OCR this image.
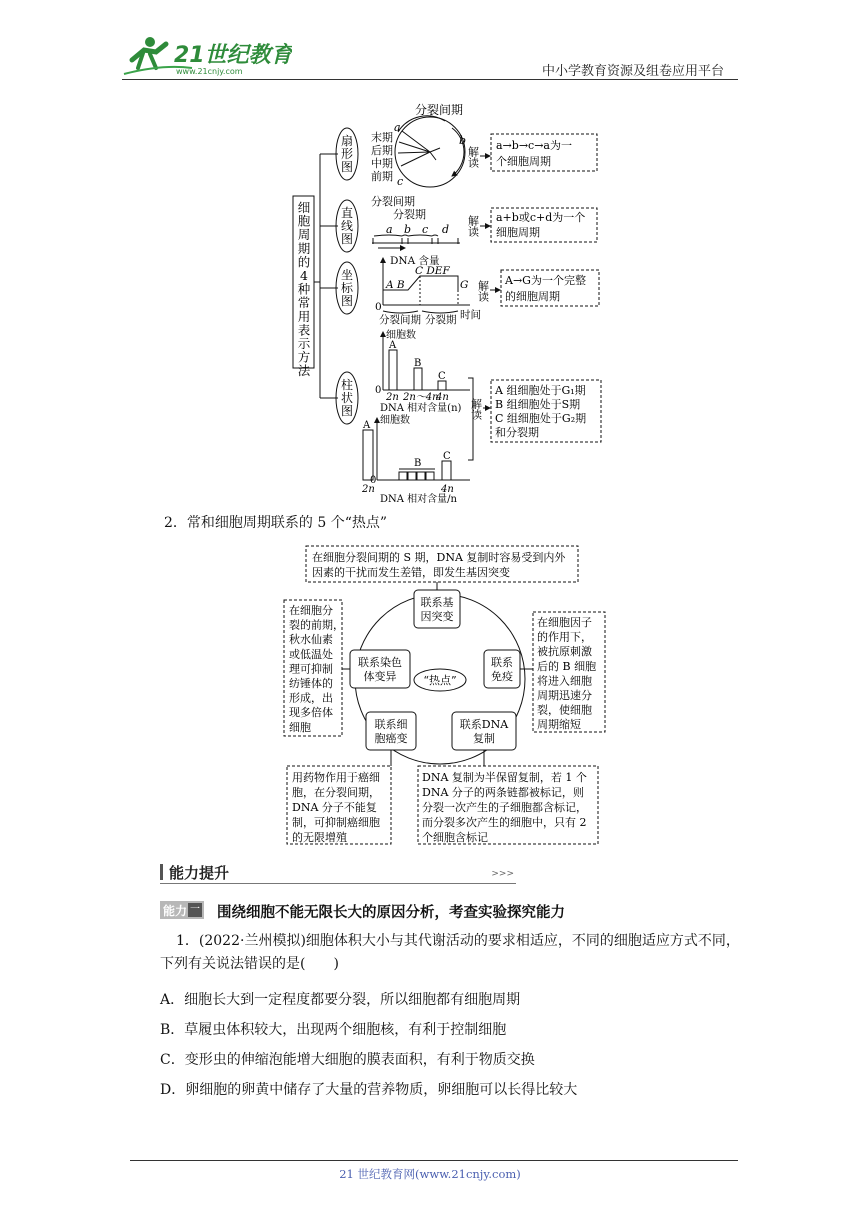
21世纪教育
www.21cnjy.com	中小学教育资源及组卷应用平台
细
胞
周
期
的
4
种
常
用
表
示
方
法
扇
形
图
直
线
图
坐
标
图
柱
状
图
分裂间期
末期
后期
中期
前期
a
b
c
解读
a→b→c→a为一
个细胞周期
分裂间期
分裂期
a b c d 解读 a+b或c+d为一个
细胞周期
DNA 含量
A B
C DEF
G
0
分裂间期 分裂期 时间
解读 A→G为一个完整
的细胞周期
细胞数
A
B
C
0
2n 2n～4n
4n
DNA 相对含量(n)
细胞数
A
B
C
0
2n	4n
DNA 相对含量/n
解读
A 组细胞处于G₁期
B 组细胞处于S期
C 组细胞处于G₂期
和分裂期
2．常和细胞周期联系的 5 个“热点”
“热点”
联系基
因突变
联系
免疫
联系DNA
复制
联系细
胞癌变
联系染色
体变异
在细胞分裂间期的 S 期，DNA 复制时容易受到内外
因素的干扰而发生差错，即发生基因突变
在细胞分
裂的前期，
秋水仙素
或低温处
理可抑制
纺锤体的
形成，出
现多倍体
细胞
在细胞因子
的作用下，
被抗原刺激
后的 B 细胞
将进入细胞
周期迅速分
裂，使细胞
周期缩短
用药物作用于癌细
胞，在分裂间期，
DNA 分子不能复
制，可抑制癌细胞
的无限增殖
DNA 复制为半保留复制，若 1 个
DNA 分子的两条链都被标记，则
分裂一次产生的子细胞都含标记，
而分裂多次产生的细胞中，只有 2
个细胞含标记
能力提升	>>>
能力 一 围绕细胞不能无限长大的原因分析，考查实验探究能力
1．(2022·兰州模拟)细胞体积大小与其代谢活动的要求相适应，不同的细胞适应方式不同，下列有关说法错误的是(　　)
A．细胞长大到一定程度都要分裂，所以细胞都有细胞周期
B．草履虫体积较大，出现两个细胞核，有利于控制细胞
C．变形虫的伸缩泡能增大细胞的膜表面积，有利于物质交换
D．卵细胞的卵黄中储存了大量的营养物质，卵细胞可以长得比较大
21 世纪教育网(www.21cnjy.com)
